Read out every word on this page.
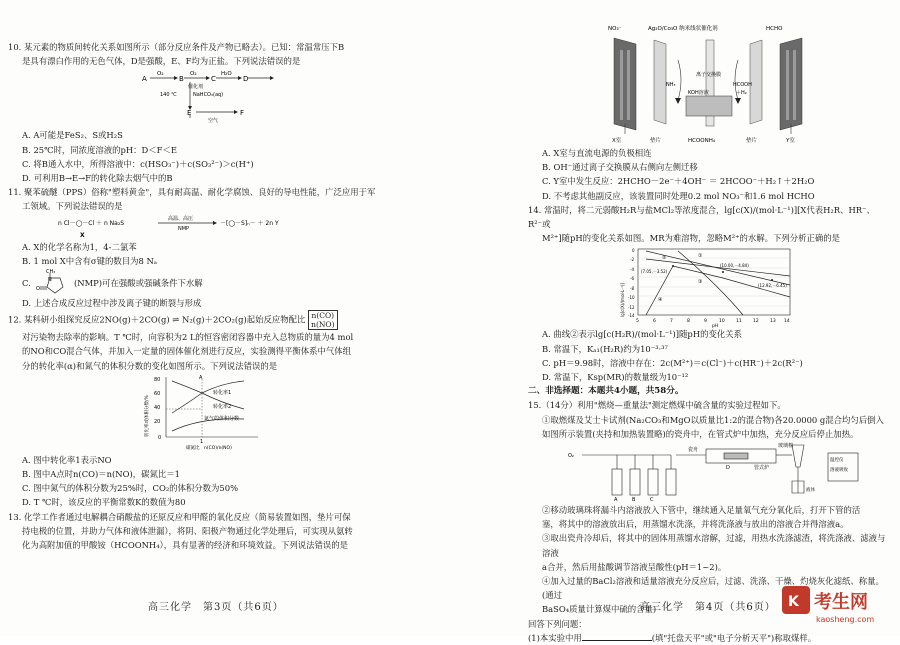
10. 某元素的物质间转化关系如图所示（部分反应条件及产物已略去）。已知：常温常压下B

是具有漂白作用的无色气体，D是强酸，E、F均为正盐。下列说法错误的是

A	B	C	D
O₂	O₂
催化剂
H₂O
140 ℃	NaHCO₃(aq)
E	F
空气

A. A可能是FeS₂、S或H₂S

B. 25℃时，同浓度溶液的pH：D＜F＜E

C. 将B通入水中，所得溶液中：c(HSO₃⁻)＋c(SO₃²⁻)＞c(H⁺)

D. 可利用B→E→F的转化除去烟气中的B

11. 聚苯硫醚（PPS）俗称"塑料黄金"，具有耐高温、耐化学腐蚀、良好的导电性能，广泛应用于军

工领域。下列说法错误的是

n Cl－◯－Cl ＋ n Na₂S
高温、高压
NMP
－[◯－S]ₙ－ ＋ 2n Y
X

A. X的化学名称为1，4-二氯苯

B. 1 mol X中含有σ键的数目为8 Nₐ

C.
CH₃
N
O
(NMP)可在强酸或强碱条件下水解

D. 上述合成反应过程中涉及离子键的断裂与形成

12. 某科研小组探究反应2NO(g)＋2CO(g) ⇌ N₂(g)＋2CO₂(g)起始反应物配比 n(CO)
n(NO)

对污染物去除率的影响。T ℃时，向容积为2 L的恒容密闭容器中充入总物质的量为4 mol

的NO和CO混合气体，并加入一定量的固体催化剂进行反应，实验测得平衡体系中气体组

分的转化率(α)和氮气的体积分数的变化如图所示。下列说法错误的是

转化率或体积分数/%
80
60
40
20
0
A
转化率1
转化率2
氮气的体积分数
1
碳氮比 n(CO)/n(NO)

A. 图中转化率1表示NO

B. 图中A点时n(CO)＝n(NO)，碳氮比＝1

C. 图中氮气的体积分数为25%时，CO₂的体积分数为50%

D. T ℃时，该反应的平衡常数K的数值为80

13. 化学工作者通过电解耦合硝酸盐的还原反应和甲醛的氧化反应（简易装置如图，垫片可保

持电极的位置，并助力气体和液体泄漏），将阴、阳极产物通过化学处理后，可实现从氨转

化为高附加值的甲酸铵（HCOONH₄），具有显著的经济和环境效益。下列说法错误的是

NO₃⁻	Ag₂O/Co₃O 纳米线状催化剂	HCHO
离子交换膜
NH₃	HCOOH
KOH溶液	＋H₂
X室	垫片	HCOONH₄	垫片	Y室

A. X室与直流电源的负极相连

B. OH⁻通过离子交换膜从右侧向左侧迁移

C. Y室中发生反应：2HCHO－2e⁻＋4OH⁻ ＝ 2HCOO⁻＋H₂↑＋2H₂O

D. 不考虑其他副反应，该装置同时处理0.2 mol NO₃⁻和1.6 mol HCHO

14. 常温时，将二元弱酸H₂R与盐MCl₂等浓度混合，lg[c(X)/(mol·L⁻¹)][X代表H₂R、HR⁻、R²⁻或

M²⁺]随pH的变化关系如图。MR为难溶物，忽略M²⁺的水解。下列分析正确的是

lg[c(X)/(mol·L⁻¹)]
0
-2
-4
-6
-8
-10
-12
-14
5	6	7	8	9	10	11	12	13 14
pH
(7.05,－3.52)
(10.00,－4.84)
(12.92,－6.45)
①
②
③
④

A. 曲线②表示lg[c(H₂R)/(mol·L⁻¹)]随pH的变化关系

B. 常温下，Kₐ₁(H₂R)约为10⁻³·³⁷

C. pH＝9.98时，溶液中存在：2c(M²⁺)＝c(Cl⁻)＋c(HR⁻)＋2c(R²⁻)

D. 常温下，Ksp(MR)的数量级为10⁻¹²

二、非选择题：本题共4小题，共58分。

15.（14分）利用"燃烧—重量法"测定燃煤中硫含量的实验过程如下。

①取燃煤及艾士卡试剂(Na₂CO₃和MgO以质量比1:2的混合物)各20.0000 g混合均匀后倒入

如图所示装置(夹持和加热装置略)的瓷舟中，在管式炉中加热，充分反应后停止加热。

O₂
瓷舟
管式炉
A	B	C
D
玻璃棉
温控仪
溶液吸收
液体

②移动玻璃珠将漏斗内溶液放入下管中，继续通入足量氧气充分氧化后，打开下管的活

塞，将其中的溶液放出后，用蒸馏水洗涤，并将洗涤液与放出的溶液合并得溶液a。

③取出瓷舟冷却后，将其中的固体用蒸馏水溶解，过滤，用热水洗涤滤渣，将洗涤液、滤液与溶液

a合并，然后用盐酸调节溶液呈酸性(pH＝1~2)。

④加入过量的BaCl₂溶液和适量溶液充分反应后，过滤、洗涤、干燥、灼烧灰化滤纸、称量。(通过

BaSO₄质量计算煤中硫的含量)

回答下列问题：

(1)本实验中用	(填"托盘天平"或"电子分析天平")称取煤样。

高三化学　第3页（共6页）	高三化学　第4页（共6页） K 考生网
kaosheng.com
